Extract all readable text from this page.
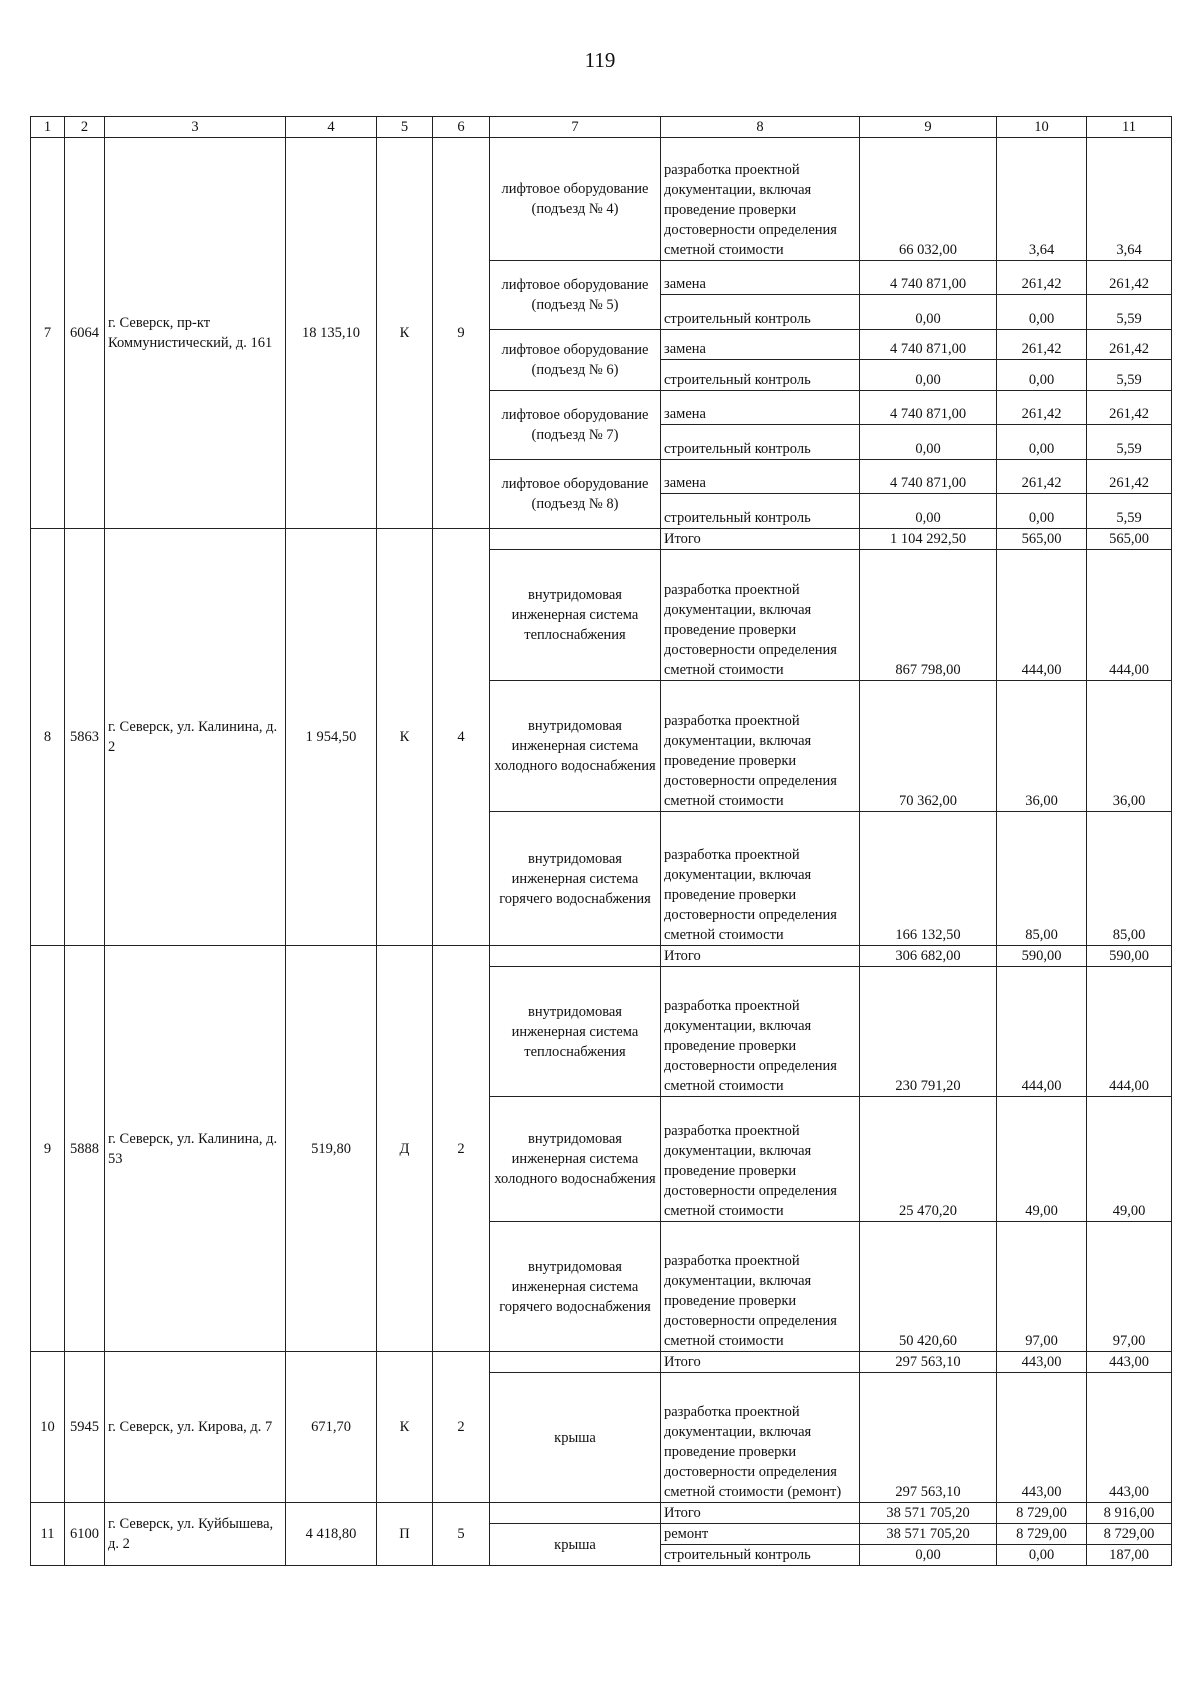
119
1	2	3	4	5	6	7	8	9	10	11
7	6064	г. Северск, пр-кт Коммунистический, д. 161	18 135,10	К	9	лифтовое оборудование (подъезд № 4)	разработка проектной документации, включая проведение проверки достоверности определения сметной стоимости	66 032,00	3,64	3,64
						лифтовое оборудование (подъезд № 5)	замена	4 740 871,00	261,42	261,42
							строительный контроль	0,00	0,00	5,59
						лифтовое оборудование (подъезд № 6)	замена	4 740 871,00	261,42	261,42
							строительный контроль	0,00	0,00	5,59
						лифтовое оборудование (подъезд № 7)	замена	4 740 871,00	261,42	261,42
							строительный контроль	0,00	0,00	5,59
						лифтовое оборудование (подъезд № 8)	замена	4 740 871,00	261,42	261,42
							строительный контроль	0,00	0,00	5,59
8	5863	г. Северск, ул. Калинина, д. 2	1 954,50	К	4		Итого	1 104 292,50	565,00	565,00
						внутридомовая инженерная система теплоснабжения	разработка проектной документации, включая проведение проверки достоверности определения сметной стоимости	867 798,00	444,00	444,00
						внутридомовая инженерная система холодного водоснабжения	разработка проектной документации, включая проведение проверки достоверности определения сметной стоимости	70 362,00	36,00	36,00
						внутридомовая инженерная система горячего водоснабжения	разработка проектной документации, включая проведение проверки достоверности определения сметной стоимости	166 132,50	85,00	85,00
9	5888	г. Северск, ул. Калинина, д. 53	519,80	Д	2		Итого	306 682,00	590,00	590,00
						внутридомовая инженерная система теплоснабжения	разработка проектной документации, включая проведение проверки достоверности определения сметной стоимости	230 791,20	444,00	444,00
						внутридомовая инженерная система холодного водоснабжения	разработка проектной документации, включая проведение проверки достоверности определения сметной стоимости	25 470,20	49,00	49,00
						внутридомовая инженерная система горячего водоснабжения	разработка проектной документации, включая проведение проверки достоверности определения сметной стоимости	50 420,60	97,00	97,00
10	5945	г. Северск, ул. Кирова, д. 7	671,70	К	2		Итого	297 563,10	443,00	443,00
						крыша	разработка проектной документации, включая проведение проверки достоверности определения сметной стоимости (ремонт)	297 563,10	443,00	443,00
11	6100	г. Северск, ул. Куйбышева, д. 2	4 418,80	П	5		Итого	38 571 705,20	8 729,00	8 916,00
						крыша	ремонт	38 571 705,20	8 729,00	8 729,00
							строительный контроль	0,00	0,00	187,00
